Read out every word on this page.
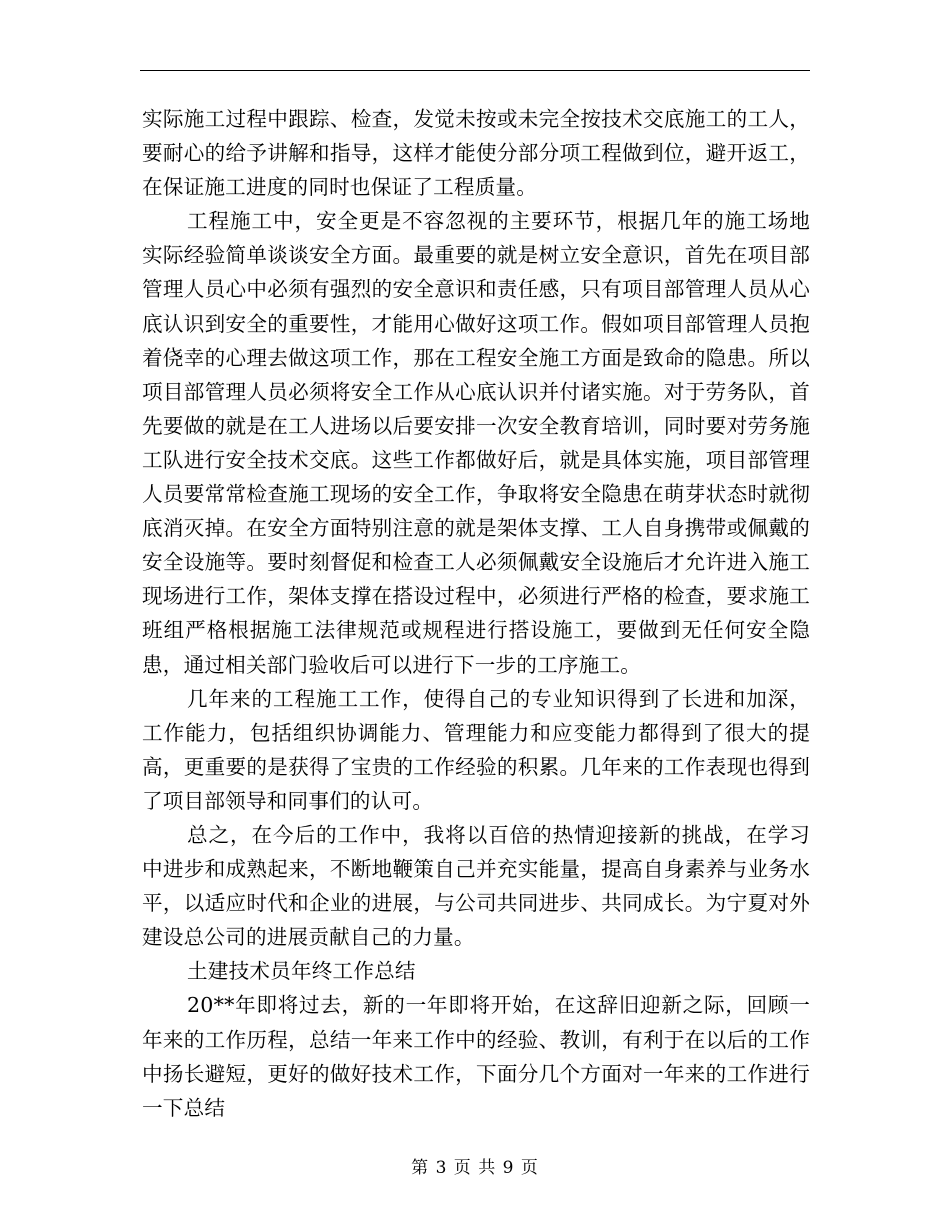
实际施工过程中跟踪、检查，发觉未按或未完全按技术交底施工的工人，要耐心的给予讲解和指导，这样才能使分部分项工程做到位，避开返工，在保证施工进度的同时也保证了工程质量。

工程施工中，安全更是不容忽视的主要环节，根据几年的施工场地实际经验简单谈谈安全方面。最重要的就是树立安全意识，首先在项目部管理人员心中必须有强烈的安全意识和责任感，只有项目部管理人员从心底认识到安全的重要性，才能用心做好这项工作。假如项目部管理人员抱着侥幸的心理去做这项工作，那在工程安全施工方面是致命的隐患。所以项目部管理人员必须将安全工作从心底认识并付诸实施。对于劳务队，首先要做的就是在工人进场以后要安排一次安全教育培训，同时要对劳务施工队进行安全技术交底。这些工作都做好后，就是具体实施，项目部管理人员要常常检查施工现场的安全工作，争取将安全隐患在萌芽状态时就彻底消灭掉。在安全方面特别注意的就是架体支撑、工人自身携带或佩戴的安全设施等。要时刻督促和检查工人必须佩戴安全设施后才允许进入施工现场进行工作，架体支撑在搭设过程中，必须进行严格的检查，要求施工班组严格根据施工法律规范或规程进行搭设施工，要做到无任何安全隐患，通过相关部门验收后可以进行下一步的工序施工。

几年来的工程施工工作，使得自己的专业知识得到了长进和加深，工作能力，包括组织协调能力、管理能力和应变能力都得到了很大的提高，更重要的是获得了宝贵的工作经验的积累。几年来的工作表现也得到了项目部领导和同事们的认可。

总之，在今后的工作中，我将以百倍的热情迎接新的挑战，在学习中进步和成熟起来，不断地鞭策自己并充实能量，提高自身素养与业务水平，以适应时代和企业的进展，与公司共同进步、共同成长。为宁夏对外建设总公司的进展贡献自己的力量。

土建技术员年终工作总结

20**年即将过去，新的一年即将开始，在这辞旧迎新之际，回顾一年来的工作历程，总结一年来工作中的经验、教训，有利于在以后的工作中扬长避短，更好的做好技术工作，下面分几个方面对一年来的工作进行一下总结

第 3 页 共 9 页
